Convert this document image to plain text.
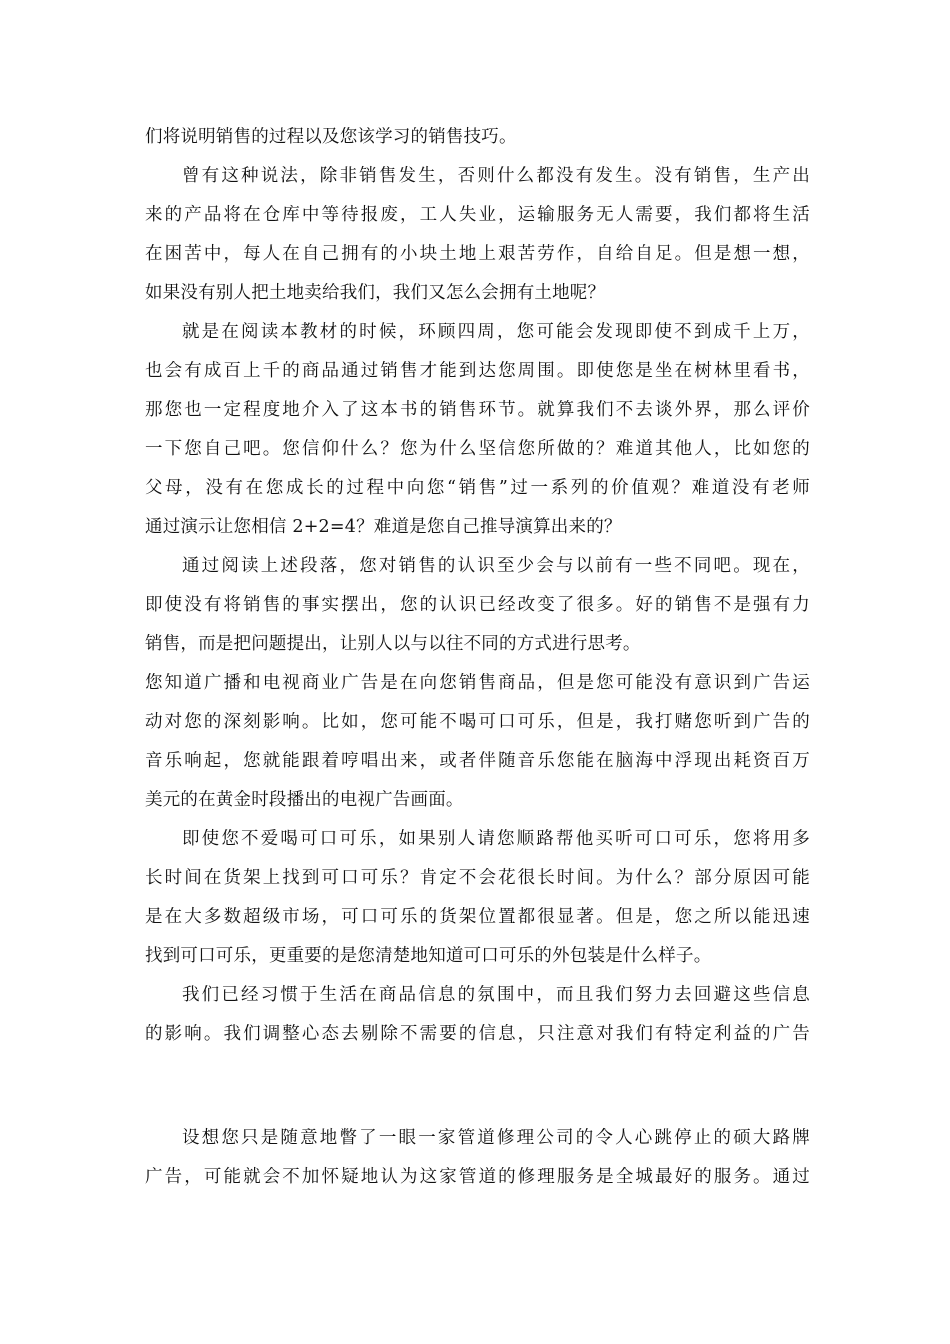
们将说明销售的过程以及您该学习的销售技巧。
曾有这种说法，除非销售发生，否则什么都没有发生。没有销售，生产出
来的产品将在仓库中等待报废，工人失业，运输服务无人需要，我们都将生活
在困苦中，每人在自己拥有的小块土地上艰苦劳作，自给自足。但是想一想，
如果没有别人把土地卖给我们，我们又怎么会拥有土地呢？
就是在阅读本教材的时候，环顾四周，您可能会发现即使不到成千上万，
也会有成百上千的商品通过销售才能到达您周围。即使您是坐在树林里看书，
那您也一定程度地介入了这本书的销售环节。就算我们不去谈外界，那么评价
一下您自己吧。您信仰什么？您为什么坚信您所做的？难道其他人，比如您的
父母，没有在您成长的过程中向您“销售”过一系列的价值观？难道没有老师
通过演示让您相信 2+2=4？难道是您自己推导演算出来的？
通过阅读上述段落，您对销售的认识至少会与以前有一些不同吧。现在，
即使没有将销售的事实摆出，您的认识已经改变了很多。好的销售不是强有力
销售，而是把问题提出，让别人以与以往不同的方式进行思考。
您知道广播和电视商业广告是在向您销售商品，但是您可能没有意识到广告运
动对您的深刻影响。比如，您可能不喝可口可乐，但是，我打赌您听到广告的
音乐响起，您就能跟着哼唱出来，或者伴随音乐您能在脑海中浮现出耗资百万
美元的在黄金时段播出的电视广告画面。
即使您不爱喝可口可乐，如果别人请您顺路帮他买听可口可乐，您将用多
长时间在货架上找到可口可乐？肯定不会花很长时间。为什么？部分原因可能
是在大多数超级市场，可口可乐的货架位置都很显著。但是，您之所以能迅速
找到可口可乐，更重要的是您清楚地知道可口可乐的外包装是什么样子。
我们已经习惯于生活在商品信息的氛围中，而且我们努力去回避这些信息
的影响。我们调整心态去剔除不需要的信息，只注意对我们有特定利益的广告
设想您只是随意地瞥了一眼一家管道修理公司的令人心跳停止的硕大路牌
广告，可能就会不加怀疑地认为这家管道的修理服务是全城最好的服务。通过
